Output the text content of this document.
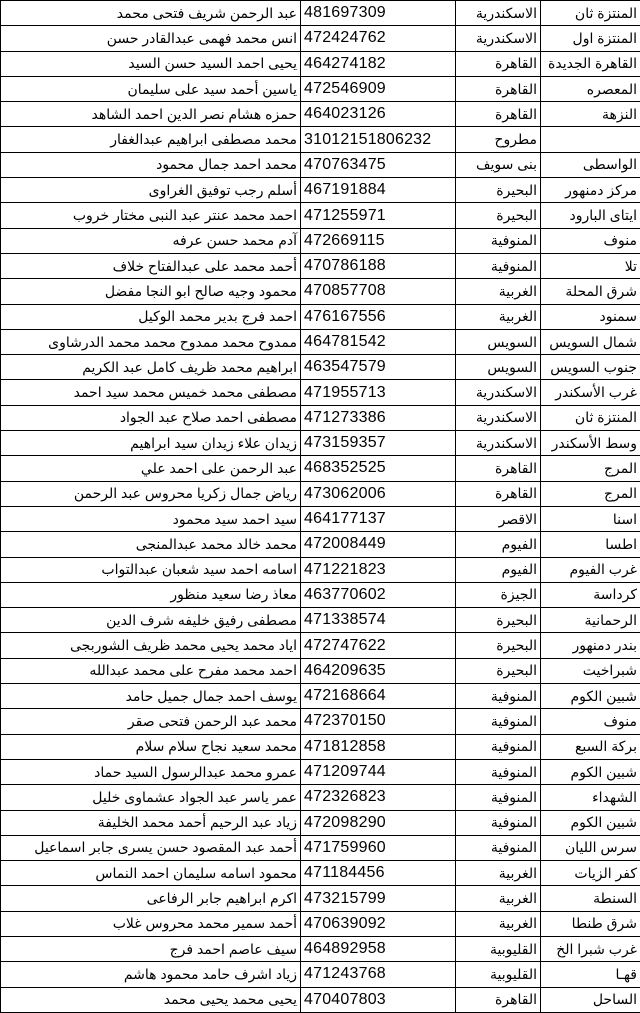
عبد الرحمن شريف فتحى محمد	481697309	الاسكندرية	المنتزة ثان
انس محمد فهمى عبدالقادر حسن	472424762	الاسكندرية	المنتزة اول
يحيى احمد السيد حسن السيد	464274182	القاهرة	القاهرة الجديدة
ياسين أحمد سيد على سليمان	472546909	القاهرة	المعصره
حمزه هشام نصر الدين احمد الشاهد	464023126	القاهرة	النزهة
محمد مصطفى ابراهيم عبدالغفار	31012151806232	مطروح	
محمد احمد جمال محمود	470763475	بنى سويف	الواسطى
أسلم رجب توفيق الغراوى	467191884	البحيرة	مركز دمنهور
احمد محمد عنتر عبد النبى مختار خروب	471255971	البحيرة	ايتاى البارود
آدم محمد حسن عرفه	472669115	المنوفية	منوف
أحمد محمد على عبدالفتاح خلاف	470786188	المنوفية	تلا
محمود وجيه صالح ابو النجا مفضل	470857708	الغربية	شرق المحلة
احمد فرج بدير محمد الوكيل	476167556	الغربية	سمنود
ممدوح محمد ممدوح محمد محمد الدرشاوى	464781542	السويس	شمال السويس
ابراهيم محمد ظريف كامل عبد الكريم	463547579	السويس	جنوب السويس
مصطفى محمد خميس محمد سيد احمد	471955713	الاسكندرية	غرب الأسكندر
مصطفى احمد صلاح عبد الجواد	471273386	الاسكندرية	المنتزة ثان
زيدان علاء زيدان سيد ابراهيم	473159357	الاسكندرية	وسط الأسكندر
عبد الرحمن على احمد علي	468352525	القاهرة	المرج
رياض جمال زكريا محروس عبد الرحمن	473062006	القاهرة	المرج
سيد احمد سيد محمود	464177137	الاقصر	اسنا
محمد خالد محمد عبدالمنجى	472008449	الفيوم	اطسا
اسامه احمد سيد شعبان عبدالتواب	471221823	الفيوم	غرب الفيوم
معاذ رضا سعيد منظور	463770602	الجيزة	كرداسة
مصطفى رفيق خليفه شرف الدين	471338574	البحيرة	الرحمانية
اياد محمد يحيى محمد ظريف الشوربجى	472747622	البحيرة	بندر دمنهور
احمد محمد مفرح على محمد عبدالله	464209635	البحيرة	شبراخيت
يوسف احمد جمال جميل حامد	472168664	المنوفية	شبين الكوم
محمد عبد الرحمن فتحى صقر	472370150	المنوفية	منوف
محمد سعيد نجاح سلام سلام	471812858	المنوفية	بركة السبع
عمرو محمد عبدالرسول السيد حماد	471209744	المنوفية	شبين الكوم
عمر ياسر عبد الجواد عشماوى خليل	472326823	المنوفية	الشهداء
زياد عبد الرحيم أحمد محمد الخليفة	472098290	المنوفية	شبين الكوم
أحمد عبد المقصود حسن يسرى جابر اسماعيل	471759960	المنوفية	سرس الليان
محمود اسامه سليمان احمد النماس	471184456	الغربية	كفر الزيات
اكرم ابراهيم جابر الرفاعى	473215799	الغربية	السنطة
أحمد سمير محمد محروس غلاب	470639092	الغربية	شرق طنطا
سيف عاصم احمد فرج	464892958	القليوبية	غرب شبرا الخ
زياد اشرف حامد محمود هاشم	471243768	القليوبية	قهـا
يحيى محمد يحيى محمد	470407803	القاهرة	الساحل
